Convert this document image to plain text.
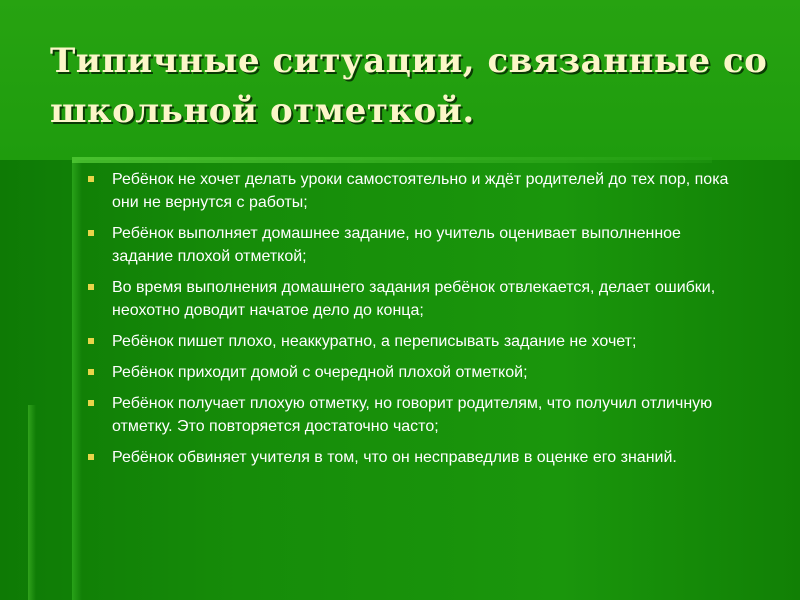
Типичные ситуации, связанные со школьной отметкой.
Ребёнок не хочет делать уроки самостоятельно и ждёт родителей до тех пор, пока они не вернутся с работы;
Ребёнок выполняет домашнее задание, но учитель оценивает выполненное задание плохой отметкой;
Во время выполнения домашнего задания ребёнок отвлекается, делает ошибки, неохотно доводит начатое дело до конца;
Ребёнок пишет плохо, неаккуратно, а переписывать задание не хочет;
Ребёнок приходит домой с очередной плохой отметкой;
Ребёнок получает плохую отметку, но говорит родителям, что получил отличную отметку. Это повторяется достаточно часто;
Ребёнок обвиняет учителя в том, что он несправедлив в оценке его знаний.
